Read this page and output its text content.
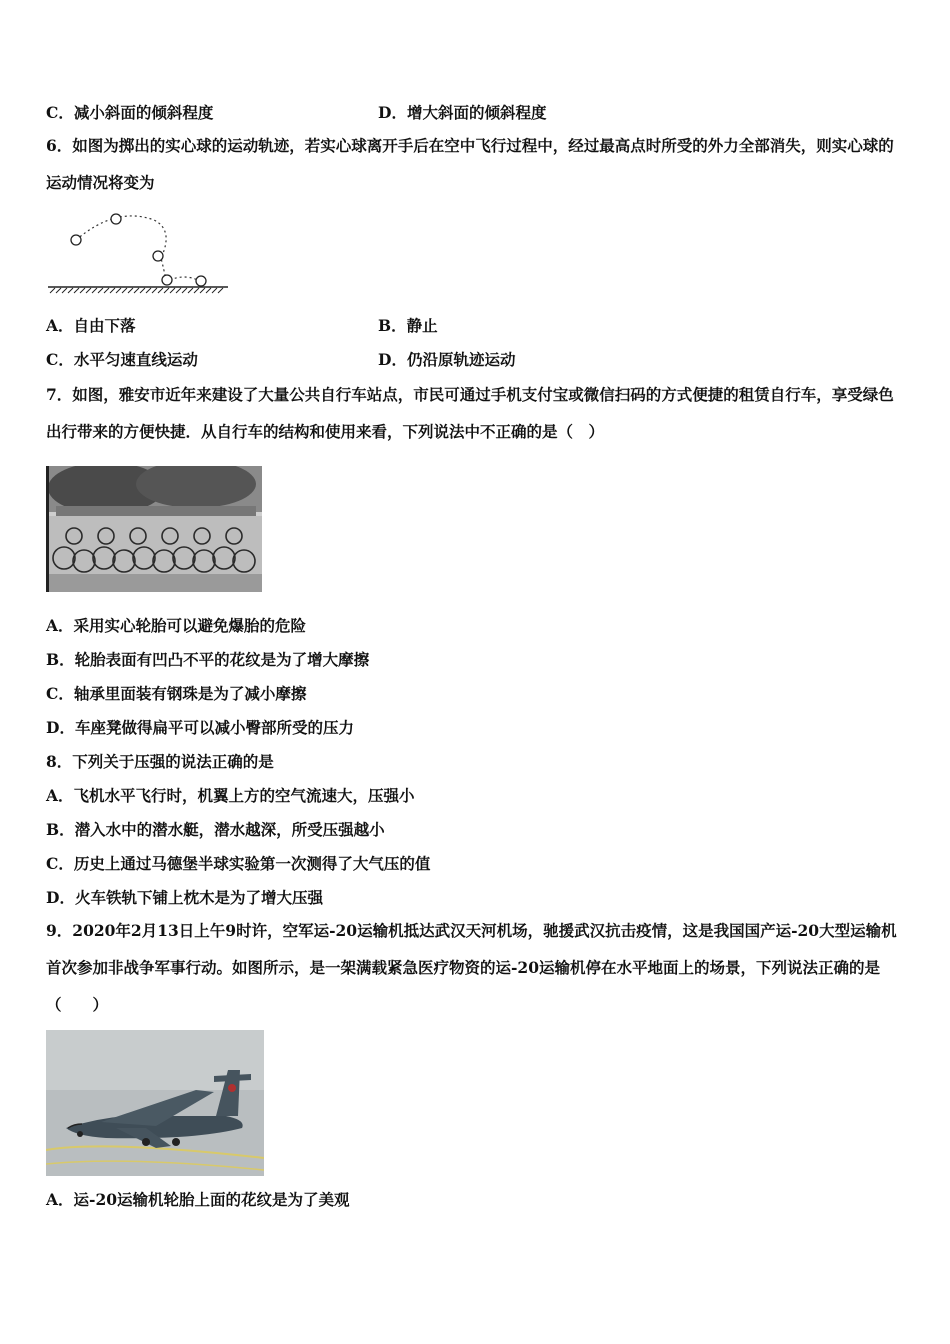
C．减小斜面的倾斜程度	D．增大斜面的倾斜程度
6．如图为掷出的实心球的运动轨迹，若实心球离开手后在空中飞行过程中，经过最高点时所受的外力全部消失，则实心球的运动情况将变为
A．自由下落	B．静止
C．水平匀速直线运动	D．仍沿原轨迹运动
7．如图，雅安市近年来建设了大量公共自行车站点，市民可通过手机支付宝或微信扫码的方式便捷的租赁自行车，享受绿色出行带来的方便快捷．从自行车的结构和使用来看，下列说法中不正确的是（　）
A．采用实心轮胎可以避免爆胎的危险
B．轮胎表面有凹凸不平的花纹是为了增大摩擦
C．轴承里面装有钢珠是为了减小摩擦
D．车座凳做得扁平可以减小臀部所受的压力
8．下列关于压强的说法正确的是
A．飞机水平飞行时，机翼上方的空气流速大，压强小
B．潜入水中的潜水艇，潜水越深，所受压强越小
C．历史上通过马德堡半球实验第一次测得了大气压的值
D．火车铁轨下铺上枕木是为了增大压强
9．2020年2月13日上午9时许，空军运-20运输机抵达武汉天河机场，驰援武汉抗击疫情，这是我国国产运-20大型运输机首次参加非战争军事行动。如图所示，是一架满载紧急医疗物资的运-20运输机停在水平地面上的场景，下列说法正确的是（　　）
A．运-20运输机轮胎上面的花纹是为了美观
